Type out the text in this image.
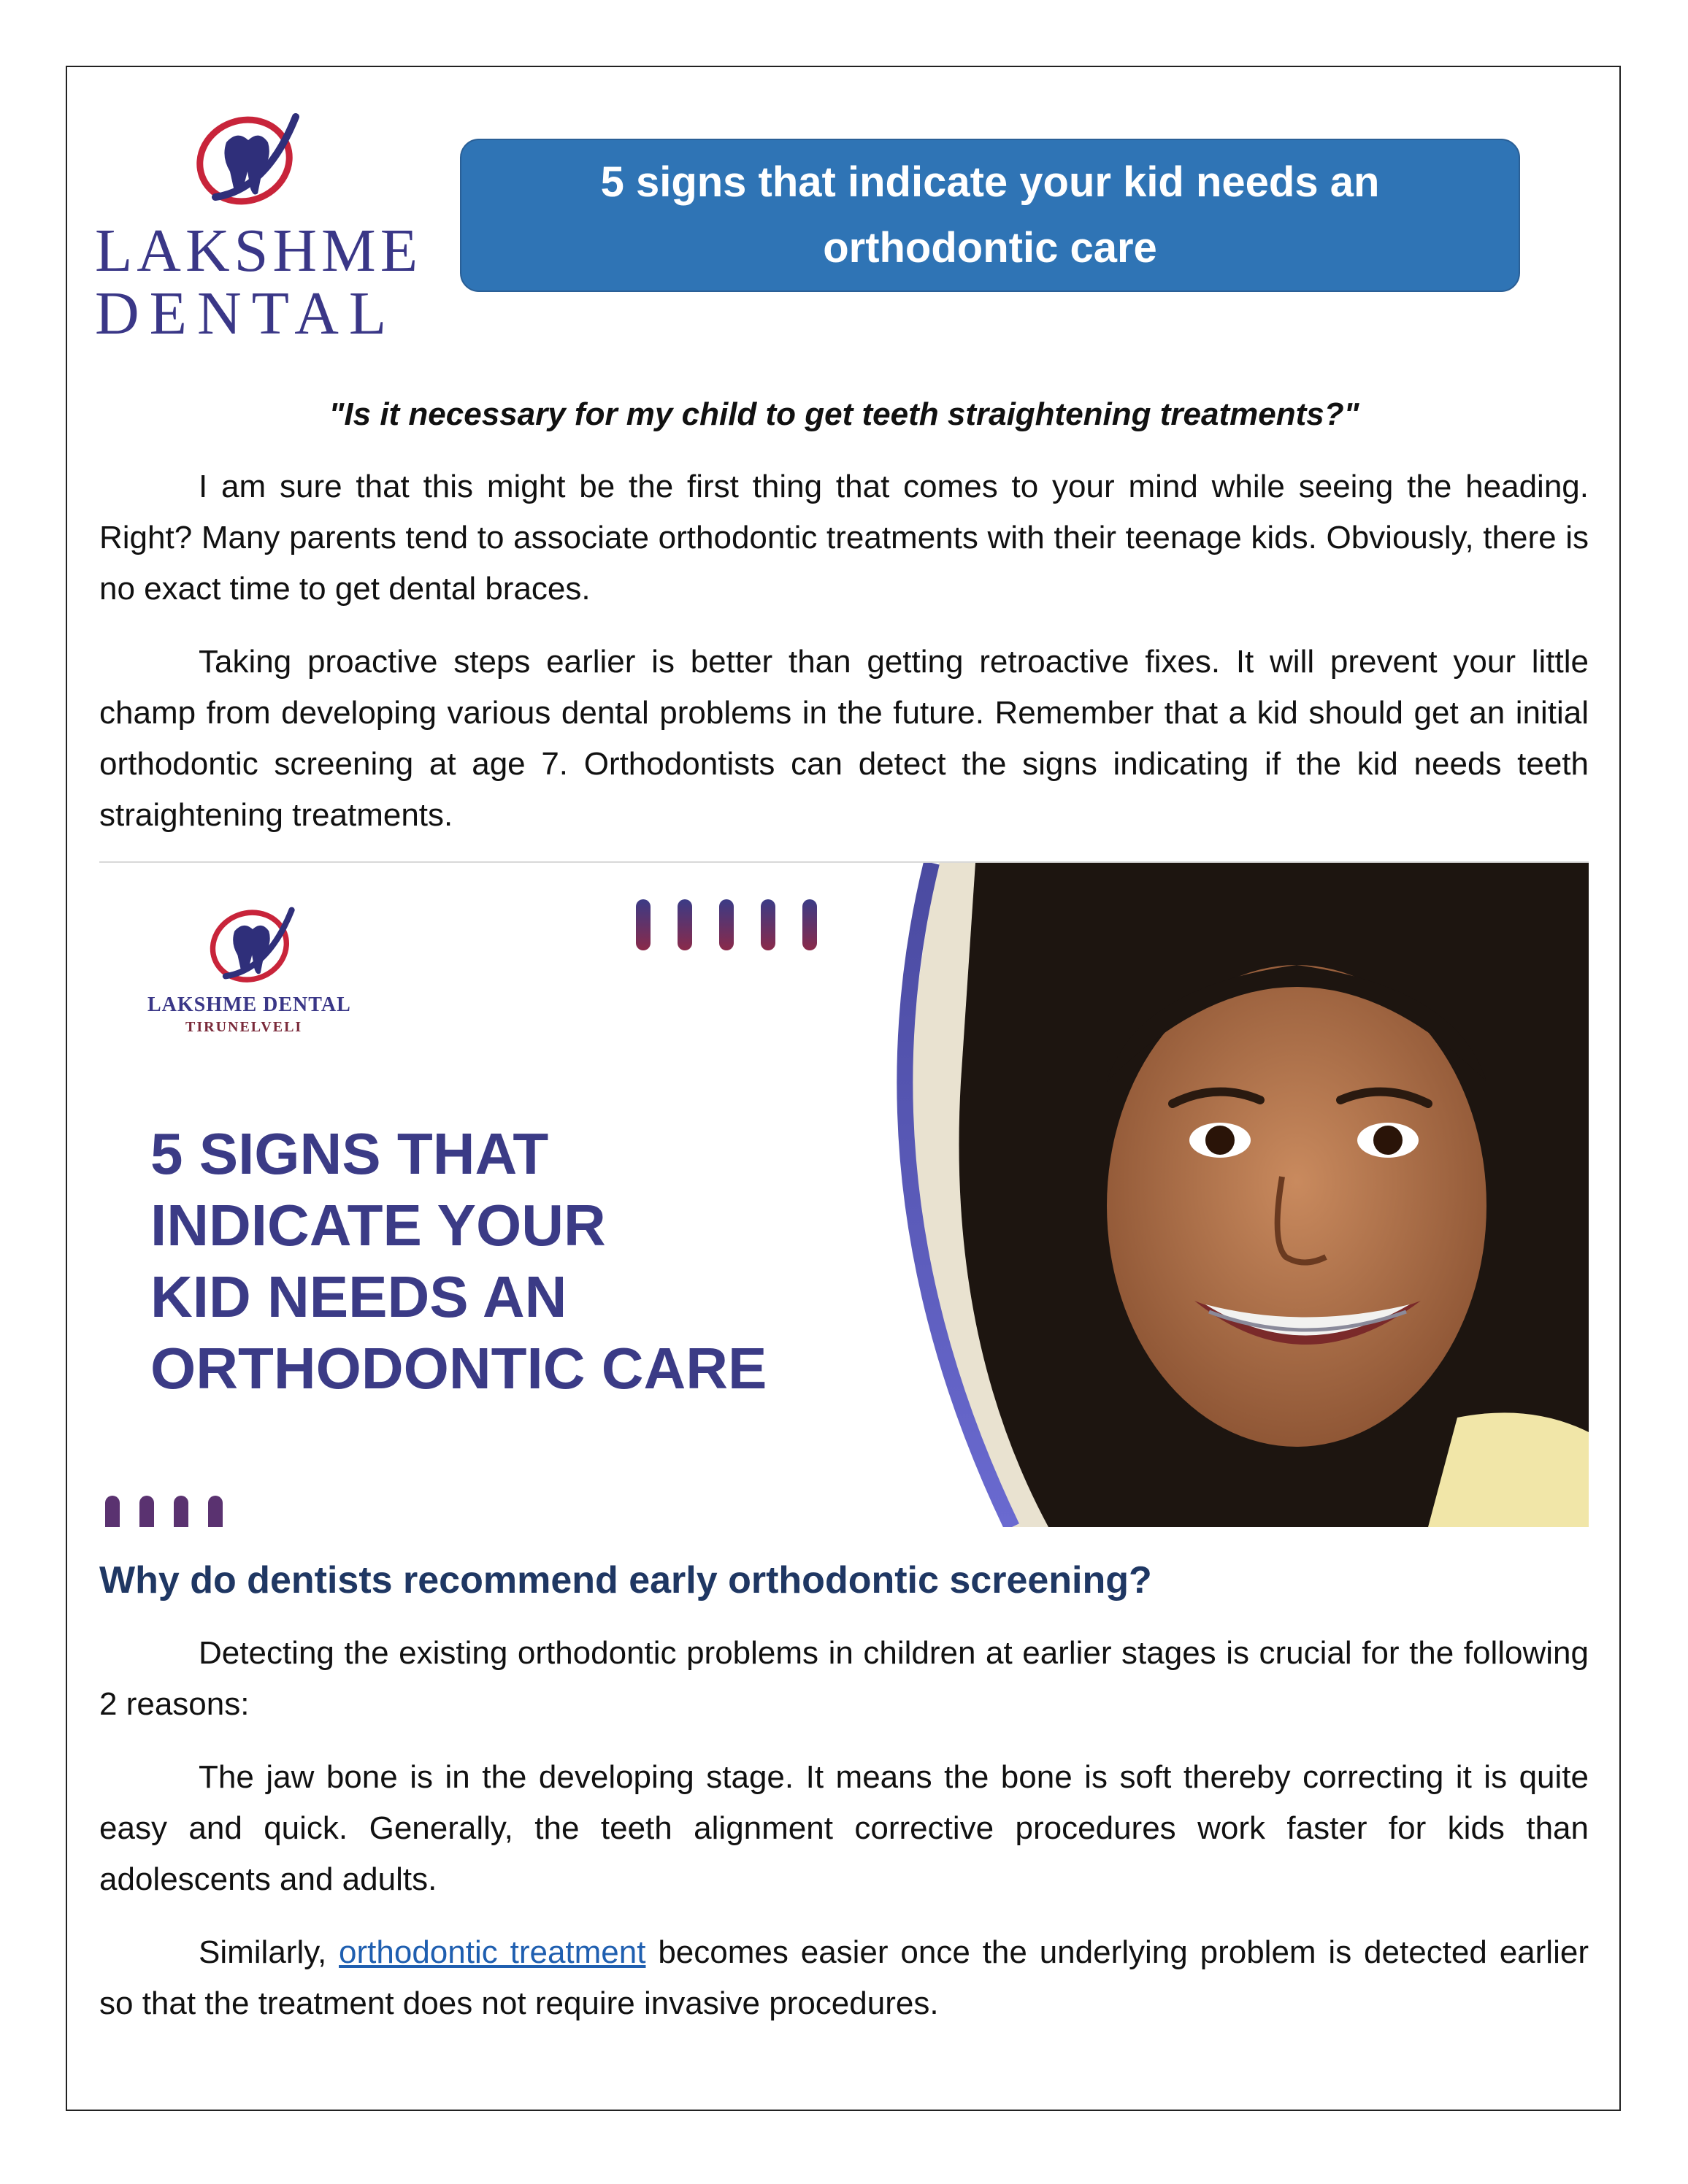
LAKSHME
DENTAL
5 signs that indicate your kid needs an orthodontic care
"Is it necessary for my child to get teeth straightening treatments?"

I am sure that this might be the first thing that comes to your mind while seeing the heading. Right? Many parents tend to associate orthodontic treatments with their teenage kids. Obviously, there is no exact time to get dental braces.

Taking proactive steps earlier is better than getting retroactive fixes. It will prevent your little champ from developing various dental problems in the future. Remember that a kid should get an initial orthodontic screening at age 7. Orthodontists can detect the signs indicating if the kid needs teeth straightening treatments.

LAKSHME DENTAL
TIRUNELVELI
5 SIGNS THAT
INDICATE YOUR
KID NEEDS AN
ORTHODONTIC CARE
Why do dentists recommend early orthodontic screening?

Detecting the existing orthodontic problems in children at earlier stages is crucial for the following 2 reasons:

The jaw bone is in the developing stage. It means the bone is soft thereby correcting it is quite easy and quick. Generally, the teeth alignment corrective procedures work faster for kids than adolescents and adults.

Similarly, orthodontic treatment becomes easier once the underlying problem is detected earlier so that the treatment does not require invasive procedures.
